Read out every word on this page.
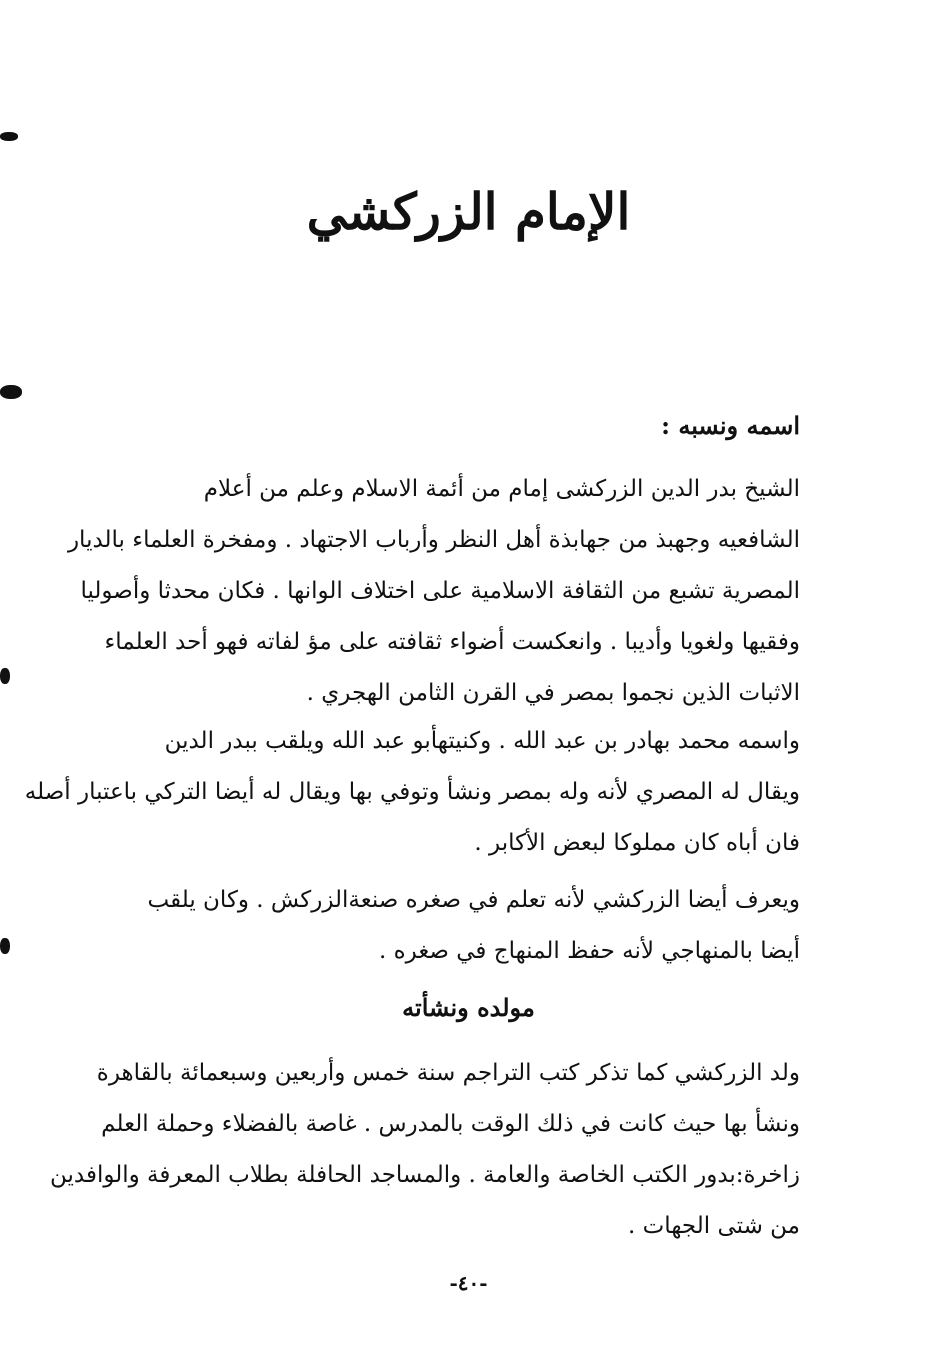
الإمام الزركشي
اسمه ونسبه :
الشيخ بدر الدين الزركشى إمام من أئمة الاسلام وعلم من أعلام
الشافعيه وجهبذ من جهابذة أهل النظر وأرباب الاجتهاد . ومفخرة العلماء بالديار
المصرية تشبع من الثقافة الاسلامية على اختلاف الوانها . فكان محدثا وأصوليا
وفقيها ولغويا وأديبا . وانعكست أضواء ثقافته على مؤ لفاته فهو أحد العلماء
الاثبات الذين نجموا بمصر في القرن الثامن الهجري .
واسمه محمد بهادر بن عبد الله . وكنيتهأبو عبد الله ويلقب ببدر الدين
ويقال له المصري لأنه وله بمصر ونشأ وتوفي بها ويقال له أيضا التركي باعتبار أصله
فان أباه كان مملوكا لبعض الأكابر .
ويعرف أيضا الزركشي لأنه تعلم في صغره صنعةالزركش . وكان يلقب
أيضا بالمنهاجي لأنه حفظ المنهاج في صغره .
مولده ونشأته
ولد الزركشي كما تذكر كتب التراجم سنة خمس وأربعين وسبعمائة بالقاهرة
ونشأ بها حيث كانت في ذلك الوقت بالمدرس . غاصة بالفضلاء وحملة العلم
زاخرة:بدور الكتب الخاصة والعامة . والمساجد الحافلة بطلاب المعرفة والوافدين
من شتى الجهات .
-٤٠-
